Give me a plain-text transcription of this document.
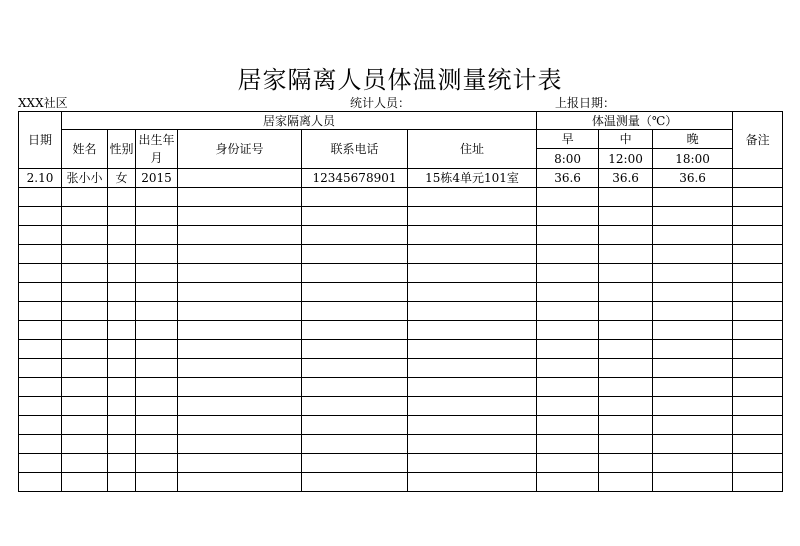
居家隔离人员体温测量统计表
XXX社区	统计人员：	上报日期：
日期	居家隔离人员						体温测量（℃）			备注
	姓名	性别	出生年月	身份证号	联系电话	住址	早	中	晚	
							8:00	12:00	18:00	
2.10	张小小	女	2015		12345678901	15栋4单元101室	36.6	36.6	36.6	
